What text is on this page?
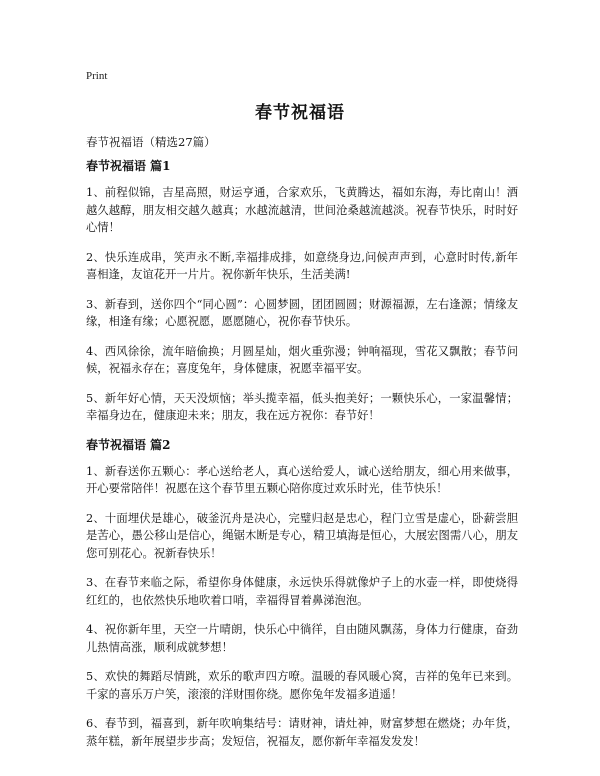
Print
春节祝福语
春节祝福语（精选27篇）
春节祝福语 篇1

1、前程似锦，吉星高照，财运亨通，合家欢乐，飞黄腾达，福如东海，寿比南山！酒越久越醇，朋友相交越久越真；水越流越清，世间沧桑越流越淡。祝春节快乐，时时好心情！

2、快乐连成串，笑声永不断,幸福排成排，如意绕身边,问候声声到，心意时时传,新年喜相逢，友谊花开一片片。祝你新年快乐，生活美满!

3、新春到，送你四个“同心圆”：心圆梦圆，团团圆圆；财源福源，左右逢源；情缘友缘，相逢有缘；心愿祝愿，愿愿随心，祝你春节快乐。

4、西风徐徐，流年暗偷换；月圆星灿，烟火重弥漫；钟响福现，雪花又飘散；春节问候，祝福永存在；喜度兔年，身体健康，祝愿幸福平安。

5、新年好心情，天天没烦恼；举头揽幸福，低头抱美好；一颗快乐心，一家温馨情；幸福身边在，健康迎未来；朋友，我在远方祝你：春节好！

春节祝福语 篇2

1、新春送你五颗心：孝心送给老人，真心送给爱人，诚心送给朋友，细心用来做事，开心要常陪伴！祝愿在这个春节里五颗心陪你度过欢乐时光，佳节快乐！

2、十面埋伏是雄心，破釜沉舟是决心，完璧归赵是忠心，程门立雪是虚心，卧薪尝胆是苦心，愚公移山是信心，绳锯木断是专心，精卫填海是恒心，大展宏图需八心，朋友您可别花心。祝新春快乐！

3、在春节来临之际，希望你身体健康，永远快乐得就像炉子上的水壶一样，即使烧得红红的，也依然快乐地吹着口哨，幸福得冒着鼻涕泡泡。

4、祝你新年里，天空一片晴朗，快乐心中徜徉，自由随风飘荡，身体力行健康，奋劲儿热情高涨，顺利成就梦想！

5、欢快的舞蹈尽情跳，欢乐的歌声四方嘹。温暖的春风暖心窝，吉祥的兔年已来到。千家的喜乐万户笑，滚滚的洋财围你绕。愿你兔年发福多逍遥！

6、春节到，福喜到，新年吹响集结号：请财神，请灶神，财富梦想在燃烧；办年货，蒸年糕，新年展望步步高；发短信，祝福友，愿你新年幸福发发发！
